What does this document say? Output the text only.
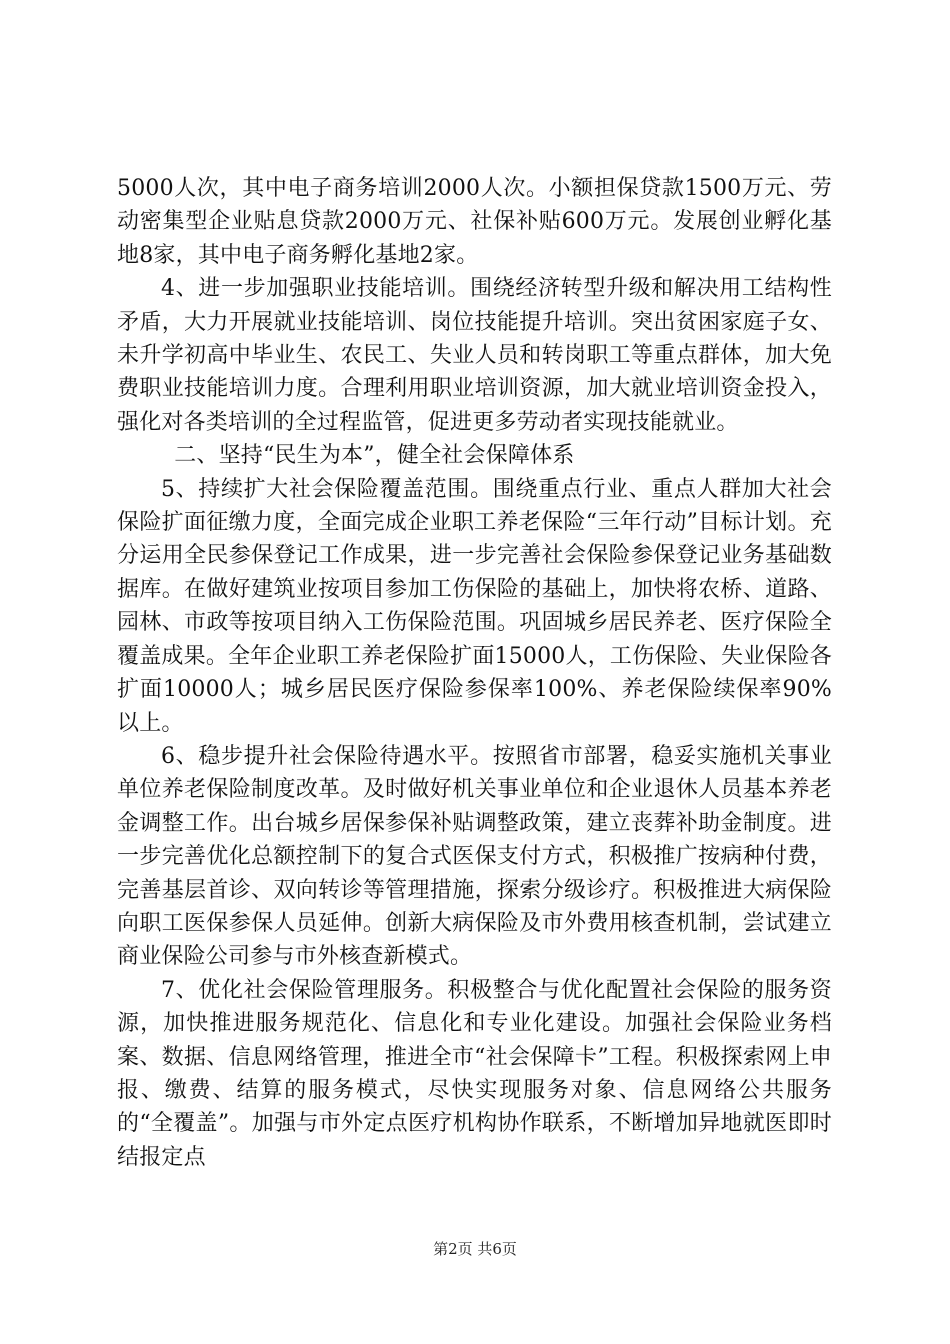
5000人次，其中电子商务培训2000人次。小额担保贷款1500万元、劳动密集型企业贴息贷款2000万元、社保补贴600万元。发展创业孵化基地8家，其中电子商务孵化基地2家。

4、进一步加强职业技能培训。围绕经济转型升级和解决用工结构性矛盾，大力开展就业技能培训、岗位技能提升培训。突出贫困家庭子女、未升学初高中毕业生、农民工、失业人员和转岗职工等重点群体，加大免费职业技能培训力度。合理利用职业培训资源，加大就业培训资金投入，强化对各类培训的全过程监管，促进更多劳动者实现技能就业。

二、坚持“民生为本”，健全社会保障体系

5、持续扩大社会保险覆盖范围。围绕重点行业、重点人群加大社会保险扩面征缴力度，全面完成企业职工养老保险“三年行动”目标计划。充分运用全民参保登记工作成果，进一步完善社会保险参保登记业务基础数据库。在做好建筑业按项目参加工伤保险的基础上，加快将农桥、道路、园林、市政等按项目纳入工伤保险范围。巩固城乡居民养老、医疗保险全覆盖成果。全年企业职工养老保险扩面15000人，工伤保险、失业保险各扩面10000人；城乡居民医疗保险参保率100%、养老保险续保率90%以上。

6、稳步提升社会保险待遇水平。按照省市部署，稳妥实施机关事业单位养老保险制度改革。及时做好机关事业单位和企业退休人员基本养老金调整工作。出台城乡居保参保补贴调整政策，建立丧葬补助金制度。进一步完善优化总额控制下的复合式医保支付方式，积极推广按病种付费，完善基层首诊、双向转诊等管理措施，探索分级诊疗。积极推进大病保险向职工医保参保人员延伸。创新大病保险及市外费用核查机制，尝试建立商业保险公司参与市外核查新模式。

7、优化社会保险管理服务。积极整合与优化配置社会保险的服务资源，加快推进服务规范化、信息化和专业化建设。加强社会保险业务档案、数据、信息网络管理，推进全市“社会保障卡”工程。积极探索网上申报、缴费、结算的服务模式，尽快实现服务对象、信息网络公共服务的“全覆盖”。加强与市外定点医疗机构协作联系，不断增加异地就医即时结报定点

第2页 共6页
